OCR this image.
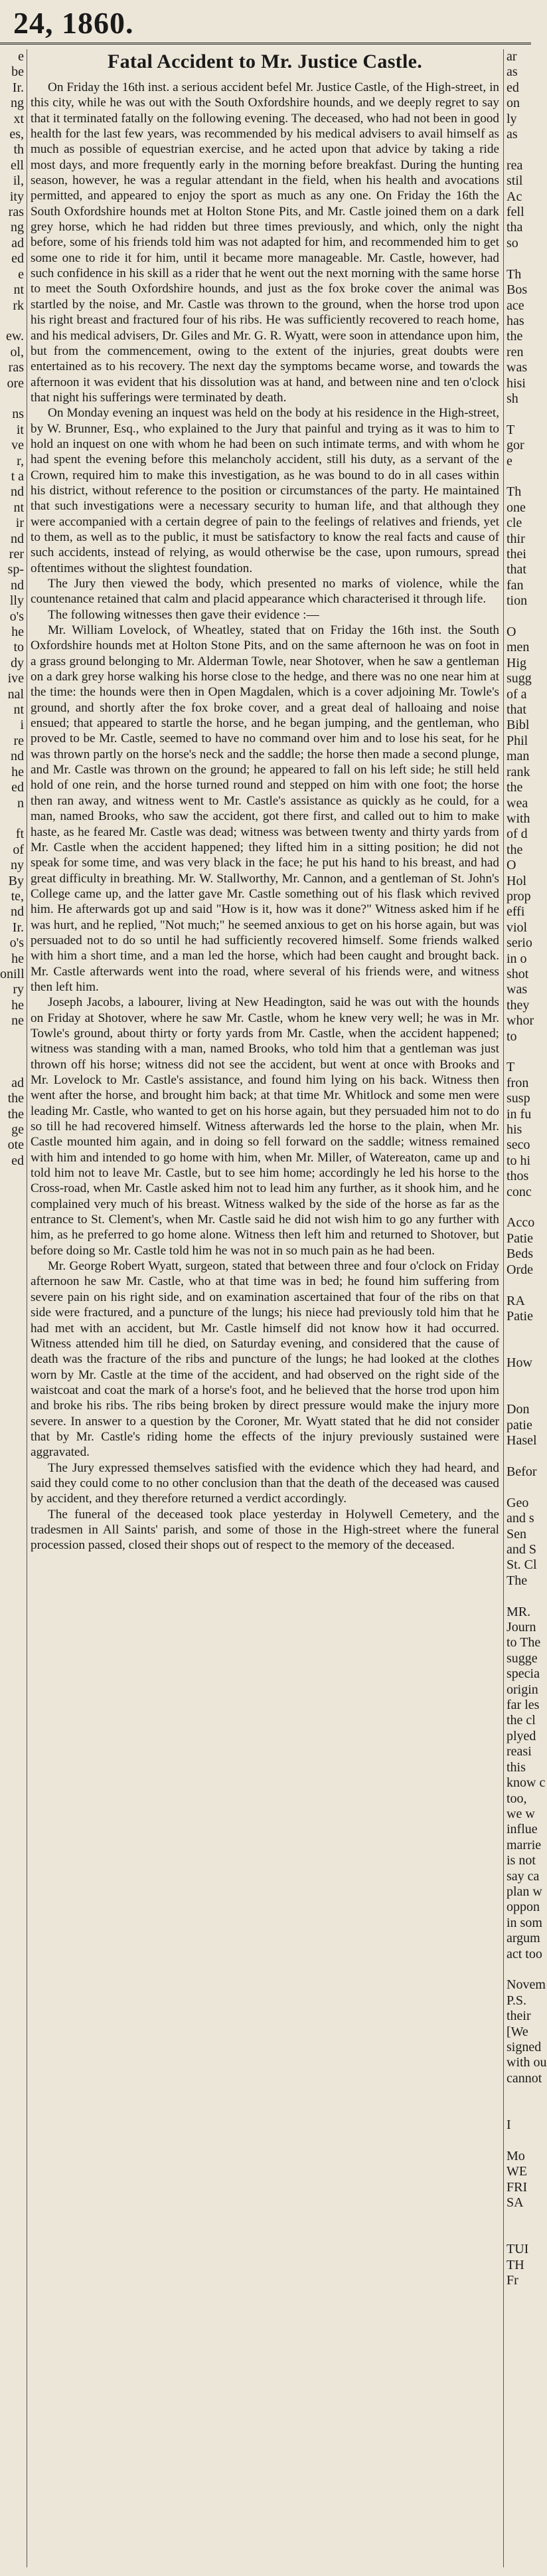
24, 1860.
e
be
Ir.
ng
xt
es,
th
ell
il,
ity
ras
ng
ad
ed
e
nt
rk

ew.
ol,
ras
ore

ns
it
ve
r,
t a
nd
nt
ir
nd
rer
sp-
nd
lly
o's
he
to
dy
ive
nal
nt
i
re
nd
he
ed
n

ft
of
ny
By
te,
nd
Ir.
o's
he
onill
ry
he
ne

ad
the
the
ge
ote
ed

Fatal Accident to Mr. Justice Castle.

On Friday the 16th inst. a serious accident befel Mr. Justice Castle, of the High-street, in this city, while he was out with the South Oxfordshire hounds, and we deeply regret to say that it terminated fatally on the following evening. The deceased, who had not been in good health for the last few years, was recommended by his medical advisers to avail himself as much as possible of equestrian exercise, and he acted upon that advice by taking a ride most days, and more frequently early in the morning before breakfast. During the hunting season, however, he was a regular attendant in the field, when his health and avocations permitted, and appeared to enjoy the sport as much as any one. On Friday the 16th the South Oxfordshire hounds met at Holton Stone Pits, and Mr. Castle joined them on a dark grey horse, which he had ridden but three times previously, and which, only the night before, some of his friends told him was not adapted for him, and recommended him to get some one to ride it for him, until it became more manageable. Mr. Castle, however, had such confidence in his skill as a rider that he went out the next morning with the same horse to meet the South Oxfordshire hounds, and just as the fox broke cover the animal was startled by the noise, and Mr. Castle was thrown to the ground, when the horse trod upon his right breast and fractured four of his ribs. He was sufficiently recovered to reach home, and his medical advisers, Dr. Giles and Mr. G. R. Wyatt, were soon in attendance upon him, but from the commencement, owing to the extent of the injuries, great doubts were entertained as to his recovery. The next day the symptoms became worse, and towards the afternoon it was evident that his dissolution was at hand, and between nine and ten o'clock that night his sufferings were terminated by death.

On Monday evening an inquest was held on the body at his residence in the High-street, by W. Brunner, Esq., who explained to the Jury that painful and trying as it was to him to hold an inquest on one with whom he had been on such intimate terms, and with whom he had spent the evening before this melancholy accident, still his duty, as a servant of the Crown, required him to make this investigation, as he was bound to do in all cases within his district, without reference to the position or circumstances of the party. He maintained that such investigations were a necessary security to human life, and that although they were accompanied with a certain degree of pain to the feelings of relatives and friends, yet to them, as well as to the public, it must be satisfactory to know the real facts and cause of such accidents, instead of relying, as would otherwise be the case, upon rumours, spread oftentimes without the slightest foundation.

The Jury then viewed the body, which presented no marks of violence, while the countenance retained that calm and placid appearance which characterised it through life.

The following witnesses then gave their evidence :—

Mr. William Lovelock, of Wheatley, stated that on Friday the 16th inst. the South Oxfordshire hounds met at Holton Stone Pits, and on the same afternoon he was on foot in a grass ground belonging to Mr. Alderman Towle, near Shotover, when he saw a gentleman on a dark grey horse walking his horse close to the hedge, and there was no one near him at the time: the hounds were then in Open Magdalen, which is a cover adjoining Mr. Towle's ground, and shortly after the fox broke cover, and a great deal of halloaing and noise ensued; that appeared to startle the horse, and he began jumping, and the gentleman, who proved to be Mr. Castle, seemed to have no command over him and to lose his seat, for he was thrown partly on the horse's neck and the saddle; the horse then made a second plunge, and Mr. Castle was thrown on the ground; he appeared to fall on his left side; he still held hold of one rein, and the horse turned round and stepped on him with one foot; the horse then ran away, and witness went to Mr. Castle's assistance as quickly as he could, for a man, named Brooks, who saw the accident, got there first, and called out to him to make haste, as he feared Mr. Castle was dead; witness was between twenty and thirty yards from Mr. Castle when the accident happened; they lifted him in a sitting position; he did not speak for some time, and was very black in the face; he put his hand to his breast, and had great difficulty in breathing. Mr. W. Stallworthy, Mr. Cannon, and a gentleman of St. John's College came up, and the latter gave Mr. Castle something out of his flask which revived him. He afterwards got up and said "How is it, how was it done?" Witness asked him if he was hurt, and he replied, "Not much;" he seemed anxious to get on his horse again, but was persuaded not to do so until he had sufficiently recovered himself. Some friends walked with him a short time, and a man led the horse, which had been caught and brought back. Mr. Castle afterwards went into the road, where several of his friends were, and witness then left him.

Joseph Jacobs, a labourer, living at New Headington, said he was out with the hounds on Friday at Shotover, where he saw Mr. Castle, whom he knew very well; he was in Mr. Towle's ground, about thirty or forty yards from Mr. Castle, when the accident happened; witness was standing with a man, named Brooks, who told him that a gentleman was just thrown off his horse; witness did not see the accident, but went at once with Brooks and Mr. Lovelock to Mr. Castle's assistance, and found him lying on his back. Witness then went after the horse, and brought him back; at that time Mr. Whitlock and some men were leading Mr. Castle, who wanted to get on his horse again, but they persuaded him not to do so till he had recovered himself. Witness afterwards led the horse to the plain, when Mr. Castle mounted him again, and in doing so fell forward on the saddle; witness remained with him and intended to go home with him, when Mr. Miller, of Watereaton, came up and told him not to leave Mr. Castle, but to see him home; accordingly he led his horse to the Cross-road, when Mr. Castle asked him not to lead him any further, as it shook him, and he complained very much of his breast. Witness walked by the side of the horse as far as the entrance to St. Clement's, when Mr. Castle said he did not wish him to go any further with him, as he preferred to go home alone. Witness then left him and returned to Shotover, but before doing so Mr. Castle told him he was not in so much pain as he had been.

Mr. George Robert Wyatt, surgeon, stated that between three and four o'clock on Friday afternoon he saw Mr. Castle, who at that time was in bed; he found him suffering from severe pain on his right side, and on examination ascertained that four of the ribs on that side were fractured, and a puncture of the lungs; his niece had previously told him that he had met with an accident, but Mr. Castle himself did not know how it had occurred. Witness attended him till he died, on Saturday evening, and considered that the cause of death was the fracture of the ribs and puncture of the lungs; he had looked at the clothes worn by Mr. Castle at the time of the accident, and had observed on the right side of the waistcoat and coat the mark of a horse's foot, and he believed that the horse trod upon him and broke his ribs. The ribs being broken by direct pressure would make the injury more severe. In answer to a question by the Coroner, Mr. Wyatt stated that he did not consider that by Mr. Castle's riding home the effects of the injury previously sustained were aggravated.

The Jury expressed themselves satisfied with the evidence which they had heard, and said they could come to no other conclusion than that the death of the deceased was caused by accident, and they therefore returned a verdict accordingly.

The funeral of the deceased took place yesterday in Holywell Cemetery, and the tradesmen in All Saints' parish, and some of those in the High-street where the funeral procession passed, closed their shops out of respect to the memory of the deceased.

ar
as
ed
on
ly
as

rea
stil
Ac
fell
tha
so

Th
Bos
ace
has
the
ren
was
hisi
sh

T
gor
e

Th
one
cle
thir
thei
that
fan
tion

O
men
Hig
sugg
of a
that
Bibl
Phil
man
rank
the
wea
with
of d
the
O
Hol
prop
effi
viol
serio
in o
shot
was
they
whor
to

T
fron
susp
in fu
his
seco
to hi
thos
conc

Acco
Patie
Beds
Orde

RA
Patie

How

Don
patie
Hasel

Befor

Geo
and s
Sen
and S
St. Cl
The

MR.
Journ
to The
sugge
specia
origin
far les
the cl
plyed
reasi
this
know c
too,
we w
influe
marrie
is not
say ca
plan w
oppon
in som
argum
act too

Novem
P.S.
their
[We
signed
with ou
cannot

I

Mo
WE
FRI
SA

TUI
TH
Fr
